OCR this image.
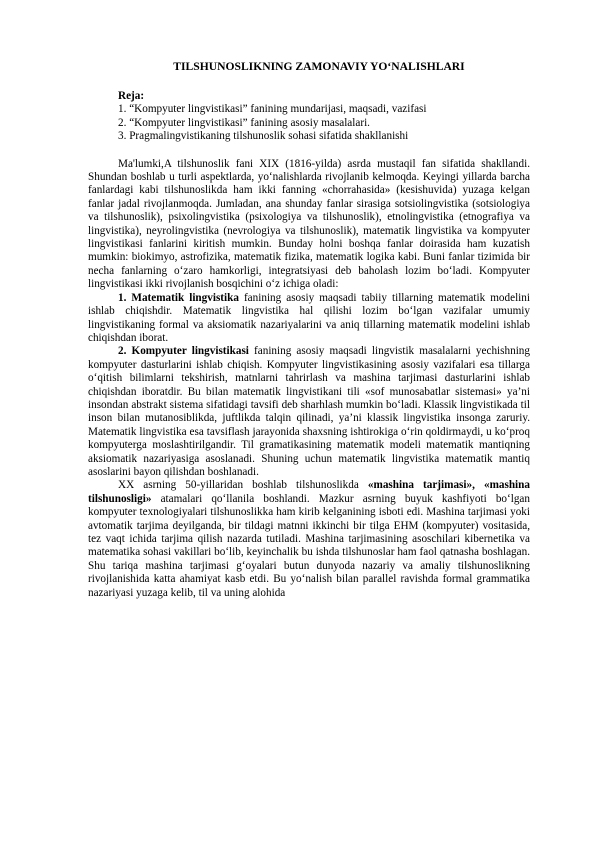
TILSHUNOSLIKNING ZAMONAVIY YO‘NALISHLARI
Reja:
1. “Kompyuter lingvistikasi” fanining mundarijasi, maqsadi, vazifasi
2. “Kompyuter lingvistikasi” fanining asosiy masalalari.
3. Pragmalingvistikaning tilshunoslik sohasi sifatida shakllanishi

Ma'lumki,A tilshunoslik fani XIX (1816-yilda) asrda mustaqil fan sifatida shakllandi. Shundan boshlab u turli aspektlarda, yo‘nalishlarda rivojlanib kelmoqda. Keyingi yillarda barcha fanlardagi kabi tilshunoslikda ham ikki fanning «chorrahasida» (kesishuvida) yuzaga kelgan fanlar jadal rivojlanmoqda. Jumladan, ana shunday fanlar sirasiga sotsiolingvistika (sotsiologiya va tilshunoslik), psixolingvistika (psixologiya va tilshunoslik), etnolingvistika (etnografiya va lingvistika), neyrolingvistika (nevrologiya va tilshunoslik), matematik lingvistika va kompyuter lingvistikasi fanlarini kiritish mumkin. Bunday holni boshqa fanlar doirasida ham kuzatish mumkin: biokimyo, astrofizika, matematik fizika, matematik logika kabi. Buni fanlar tizimida bir necha fanlarning o‘zaro hamkorligi, integratsiyasi deb baholash lozim bo‘ladi. Kompyuter lingvistikasi ikki rivojlanish bosqichini o‘z ichiga oladi:

1. Matematik lingvistika fanining asosiy maqsadi tabiiy tillarning matematik modelini ishlab chiqishdir. Matematik lingvistika hal qilishi lozim bo‘lgan vazifalar umumiy lingvistikaning formal va aksiomatik nazariyalarini va aniq tillarning matematik modelini ishlab chiqishdan iborat.

2. Kompyuter lingvistikasi fanining asosiy maqsadi lingvistik masalalarni yechishning kompyuter dasturlarini ishlab chiqish. Kompyuter lingvistikasining asosiy vazifalari esa tillarga o‘qitish bilimlarni tekshirish, matnlarni tahrirlash va mashina tarjimasi dasturlarini ishlab chiqishdan iboratdir. Bu bilan matematik lingvistikani tili «sof munosabatlar sistemasi» ya’ni insondan abstrakt sistema sifatidagi tavsifi deb sharhlash mumkin bo‘ladi. Klassik lingvistikada til inson bilan mutanosiblikda, juftlikda talqin qilinadi, ya’ni klassik lingvistika insonga zaruriy. Matematik lingvistika esa tavsiflash jarayonida shaxsning ishtirokiga o‘rin qoldirmaydi, u ko‘proq kompyuterga moslashtirilgandir. Til gramatikasining matematik modeli matematik mantiqning aksiomatik nazariyasiga asoslanadi. Shuning uchun matematik lingvistika matematik mantiq asoslarini bayon qilishdan boshlanadi.

XX asrning 50-yillaridan boshlab tilshunoslikda «mashina tarjimasi», «mashina tilshunosligi» atamalari qo‘llanila boshlandi. Mazkur asrning buyuk kashfiyoti bo‘lgan kompyuter texnologiyalari tilshunoslikka ham kirib kelganining isboti edi. Mashina tarjimasi yoki avtomatik tarjima deyilganda, bir tildagi matnni ikkinchi bir tilga EHM (kompyuter) vositasida, tez vaqt ichida tarjima qilish nazarda tutiladi. Mashina tarjimasining asoschilari kibernetika va matematika sohasi vakillari bo‘lib, keyinchalik bu ishda tilshunoslar ham faol qatnasha boshlagan. Shu tariqa mashina tarjimasi g‘oyalari butun dunyoda nazariy va amaliy tilshunoslikning rivojlanishida katta ahamiyat kasb etdi. Bu yo‘nalish bilan parallel ravishda formal grammatika nazariyasi yuzaga kelib, til va uning alohida
